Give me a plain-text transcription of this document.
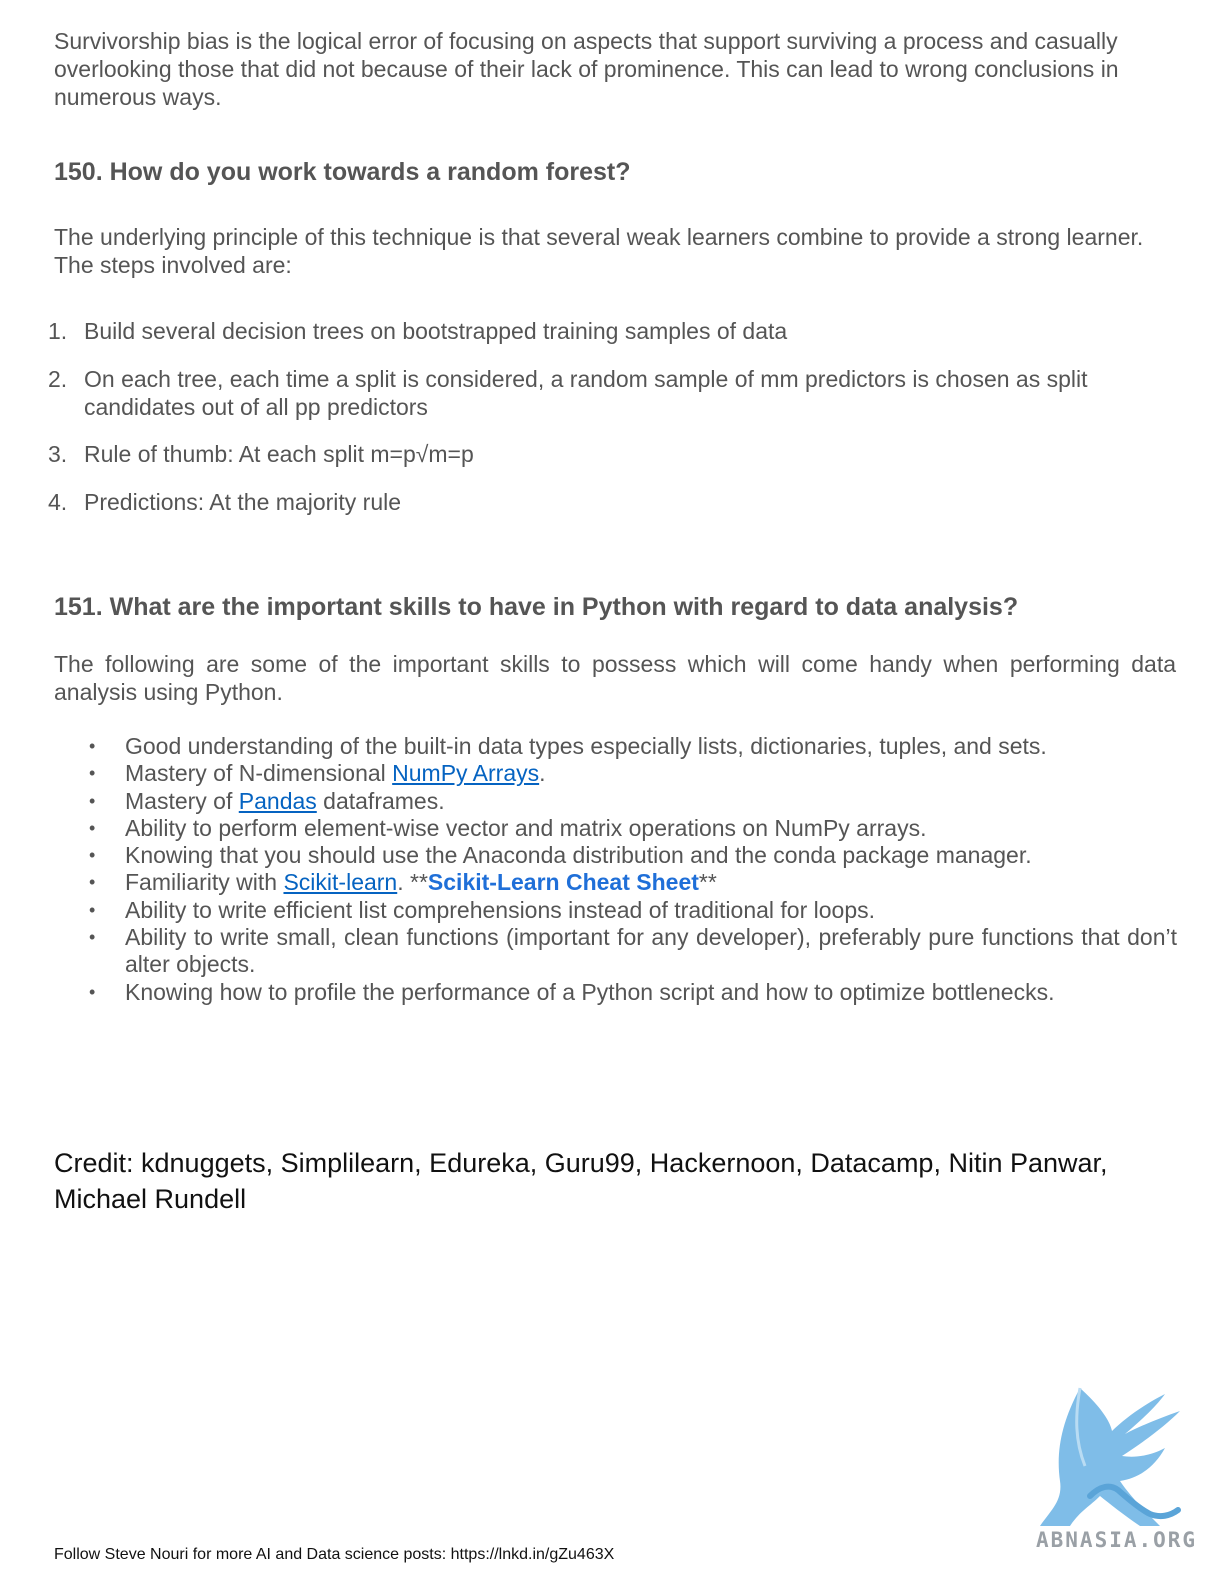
Survivorship bias is the logical error of focusing on aspects that support surviving a process and casually overlooking those that did not because of their lack of prominence. This can lead to wrong conclusions in numerous ways.

150. How do you work towards a random forest?

The underlying principle of this technique is that several weak learners combine to provide a strong learner. The steps involved are:

1. Build several decision trees on bootstrapped training samples of data
2. On each tree, each time a split is considered, a random sample of mm predictors is chosen as split candidates out of all pp predictors
3. Rule of thumb: At each split m=p√m=p
4. Predictions: At the majority rule
151. What are the important skills to have in Python with regard to data analysis?

The following are some of the important skills to possess which will come handy when performing data analysis using Python.

• Good understanding of the built-in data types especially lists, dictionaries, tuples, and sets.
• Mastery of N-dimensional NumPy Arrays.
• Mastery of Pandas dataframes.
• Ability to perform element-wise vector and matrix operations on NumPy arrays.
• Knowing that you should use the Anaconda distribution and the conda package manager.
• Familiarity with Scikit-learn. **Scikit-Learn Cheat Sheet**
• Ability to write efficient list comprehensions instead of traditional for loops.
• Ability to write small, clean functions (important for any developer), preferably pure functions that don’t alter objects.
• Knowing how to profile the performance of a Python script and how to optimize bottlenecks.

Credit: kdnuggets, Simplilearn, Edureka, Guru99, Hackernoon, Datacamp, Nitin Panwar, Michael Rundell

ABNASIA.ORG
Follow Steve Nouri for more AI and Data science posts: https://lnkd.in/gZu463X
